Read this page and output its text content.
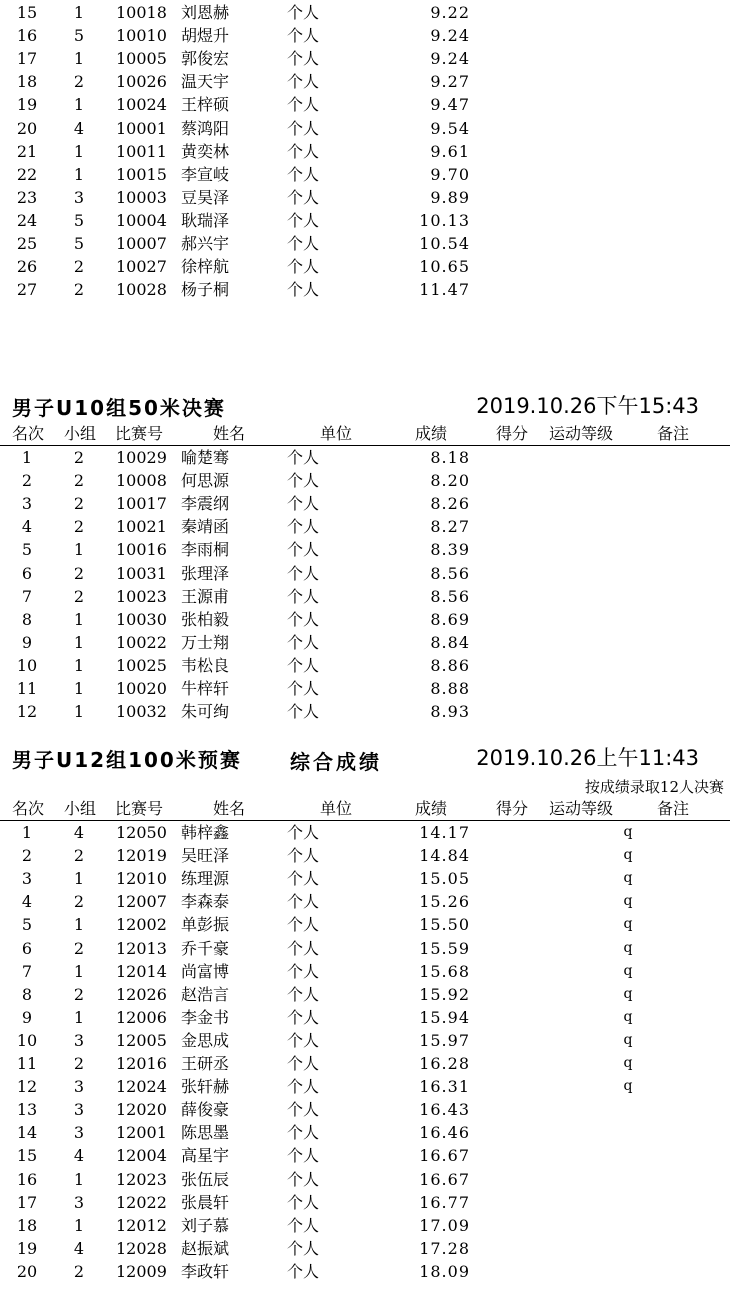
男子U10组50米决赛	2019.10.26下午15:43
名次 小组 比赛号	姓名	单位	成绩	得分 运动等级	备注
男子U12组100米预赛 综合成绩	2019.10.26上午11:43
按成绩录取12人决赛
名次 小组 比赛号	姓名	单位	成绩	得分 运动等级	备注
15	1	10018 刘恩赫	个人	9.22
16	5	10010 胡煜升	个人	9.24
17	1	10005 郭俊宏	个人	9.24
18	2	10026 温天宇	个人	9.27
19	1	10024 王梓硕	个人	9.47
20	4	10001 蔡鸿阳	个人	9.54
21	1	10011 黄奕林	个人	9.61
22	1	10015 李宣岐	个人	9.70
23	3	10003 豆昊泽	个人	9.89
24	5	10004 耿瑞泽	个人	10.13
25	5	10007 郝兴宇	个人	10.54
26	2	10027 徐梓航	个人	10.65
27	2	10028 杨子桐	个人	11.47
1	2	10029 喻楚骞	个人	8.18
2	2	10008 何思源	个人	8.20
3	2	10017 李震纲	个人	8.26
4	2	10021 秦靖函	个人	8.27
5	1	10016 李雨桐	个人	8.39
6	2	10031 张理泽	个人	8.56
7	2	10023 王源甫	个人	8.56
8	1	10030 张柏毅	个人	8.69
9	1	10022 万士翔	个人	8.84
10	1	10025 韦松良	个人	8.86
11	1	10020 牛梓轩	个人	8.88
12	1	10032 朱可绚	个人	8.93
1	4	12050 韩梓鑫	个人	14.17	q
2	2	12019 吴旺泽	个人	14.84	q
3	1	12010 练理源	个人	15.05	q
4	2	12007 李森泰	个人	15.26	q
5	1	12002 单彭振	个人	15.50	q
6	2	12013 乔千豪	个人	15.59	q
7	1	12014 尚富博	个人	15.68	q
8	2	12026 赵浩言	个人	15.92	q
9	1	12006 李金书	个人	15.94	q
10	3	12005 金思成	个人	15.97	q
11	2	12016 王研丞	个人	16.28	q
12	3	12024 张轩赫	个人	16.31	q
13	3	12020 薛俊豪	个人	16.43
14	3	12001 陈思墨	个人	16.46
15	4	12004 高星宇	个人	16.67
16	1	12023 张伍辰	个人	16.67
17	3	12022 张晨轩	个人	16.77
18	1	12012 刘子慕	个人	17.09
19	4	12028 赵振斌	个人	17.28
20	2	12009 李政轩	个人	18.09
